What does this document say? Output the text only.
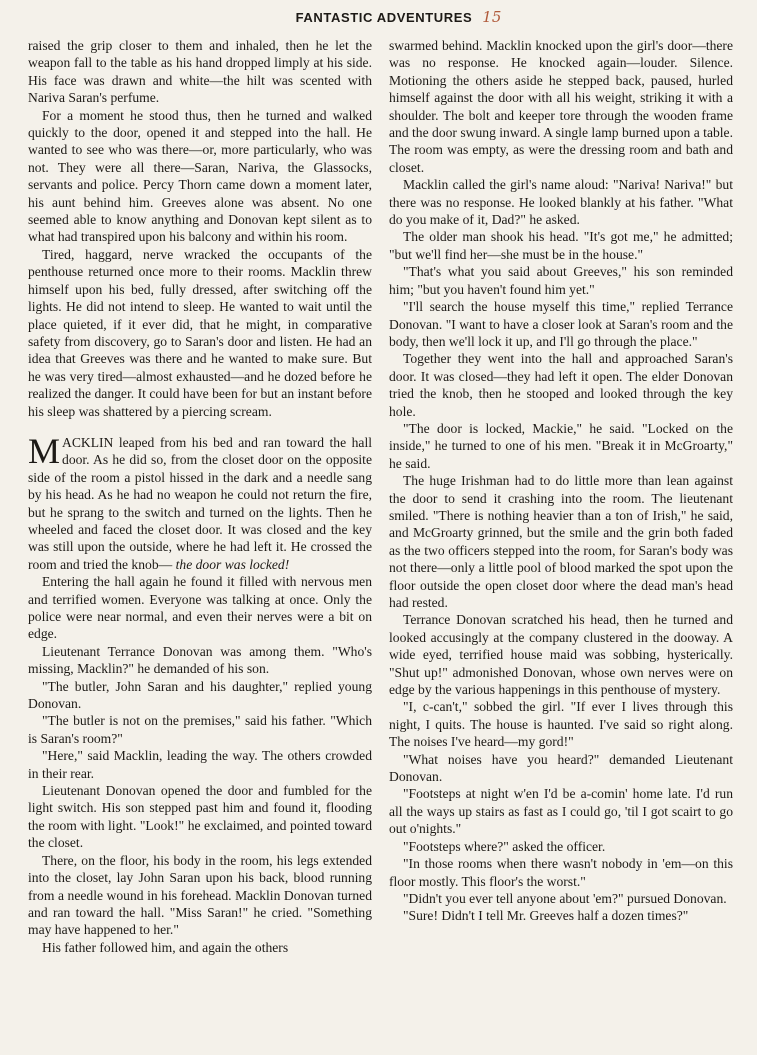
FANTASTIC ADVENTURES 15

raised the grip closer to them and inhaled, then he let the weapon fall to the table as his hand dropped limply at his side. His face was drawn and white—the hilt was scented with Nariva Saran's perfume.

For a moment he stood thus, then he turned and walked quickly to the door, opened it and stepped into the hall. He wanted to see who was there—or, more particularly, who was not. They were all there—Saran, Nariva, the Glassocks, servants and police. Percy Thorn came down a moment later, his aunt behind him. Greeves alone was absent. No one seemed able to know anything and Donovan kept silent as to what had transpired upon his balcony and within his room.

Tired, haggard, nerve wracked the occupants of the penthouse returned once more to their rooms. Macklin threw himself upon his bed, fully dressed, after switching off the lights. He did not intend to sleep. He wanted to wait until the place quieted, if it ever did, that he might, in comparative safety from discovery, go to Saran's door and listen. He had an idea that Greeves was there and he wanted to make sure. But he was very tired—almost exhausted—and he dozed before he realized the danger. It could have been for but an instant before his sleep was shattered by a piercing scream.

MACKLIN leaped from his bed and ran toward the hall door. As he did so, from the closet door on the opposite side of the room a pistol hissed in the dark and a needle sang by his head. As he had no weapon he could not return the fire, but he sprang to the switch and turned on the lights. Then he wheeled and faced the closet door. It was closed and the key was still upon the outside, where he had left it. He crossed the room and tried the knob— the door was locked!

Entering the hall again he found it filled with nervous men and terrified women. Everyone was talking at once. Only the police were near normal, and even their nerves were a bit on edge.

Lieutenant Terrance Donovan was among them. "Who's missing, Macklin?" he demanded of his son.

"The butler, John Saran and his daughter," replied young Donovan.

"The butler is not on the premises," said his father. "Which is Saran's room?"

"Here," said Macklin, leading the way. The others crowded in their rear.

Lieutenant Donovan opened the door and fumbled for the light switch. His son stepped past him and found it, flooding the room with light. "Look!" he exclaimed, and pointed toward the closet.

There, on the floor, his body in the room, his legs extended into the closet, lay John Saran upon his back, blood running from a needle wound in his forehead. Macklin Donovan turned and ran toward the hall. "Miss Saran!" he cried. "Something may have happened to her."

His father followed him, and again the others

swarmed behind. Macklin knocked upon the girl's door—there was no response. He knocked again—louder. Silence. Motioning the others aside he stepped back, paused, hurled himself against the door with all his weight, striking it with a shoulder. The bolt and keeper tore through the wooden frame and the door swung inward. A single lamp burned upon a table. The room was empty, as were the dressing room and bath and closet.

Macklin called the girl's name aloud: "Nariva! Nariva!" but there was no response. He looked blankly at his father. "What do you make of it, Dad?" he asked.

The older man shook his head. "It's got me," he admitted; "but we'll find her—she must be in the house."

"That's what you said about Greeves," his son reminded him; "but you haven't found him yet."

"I'll search the house myself this time," replied Terrance Donovan. "I want to have a closer look at Saran's room and the body, then we'll lock it up, and I'll go through the place."

Together they went into the hall and approached Saran's door. It was closed—they had left it open. The elder Donovan tried the knob, then he stooped and looked through the key hole.

"The door is locked, Mackie," he said. "Locked on the inside," he turned to one of his men. "Break it in McGroarty," he said.

The huge Irishman had to do little more than lean against the door to send it crashing into the room. The lieutenant smiled. "There is nothing heavier than a ton of Irish," he said, and McGroarty grinned, but the smile and the grin both faded as the two officers stepped into the room, for Saran's body was not there—only a little pool of blood marked the spot upon the floor outside the open closet door where the dead man's head had rested.

Terrance Donovan scratched his head, then he turned and looked accusingly at the company clustered in the dooway. A wide eyed, terrified house maid was sobbing, hysterically. "Shut up!" admonished Donovan, whose own nerves were on edge by the various happenings in this penthouse of mystery.

"I, c-can't," sobbed the girl. "If ever I lives through this night, I quits. The house is haunted. I've said so right along. The noises I've heard—my gord!"

"What noises have you heard?" demanded Lieutenant Donovan.

"Footsteps at night w'en I'd be a-comin' home late. I'd run all the ways up stairs as fast as I could go, 'til I got scairt to go out o'nights."

"Footsteps where?" asked the officer.

"In those rooms when there wasn't nobody in 'em—on this floor mostly. This floor's the worst."

"Didn't you ever tell anyone about 'em?" pursued Donovan.

"Sure! Didn't I tell Mr. Greeves half a dozen times?"
